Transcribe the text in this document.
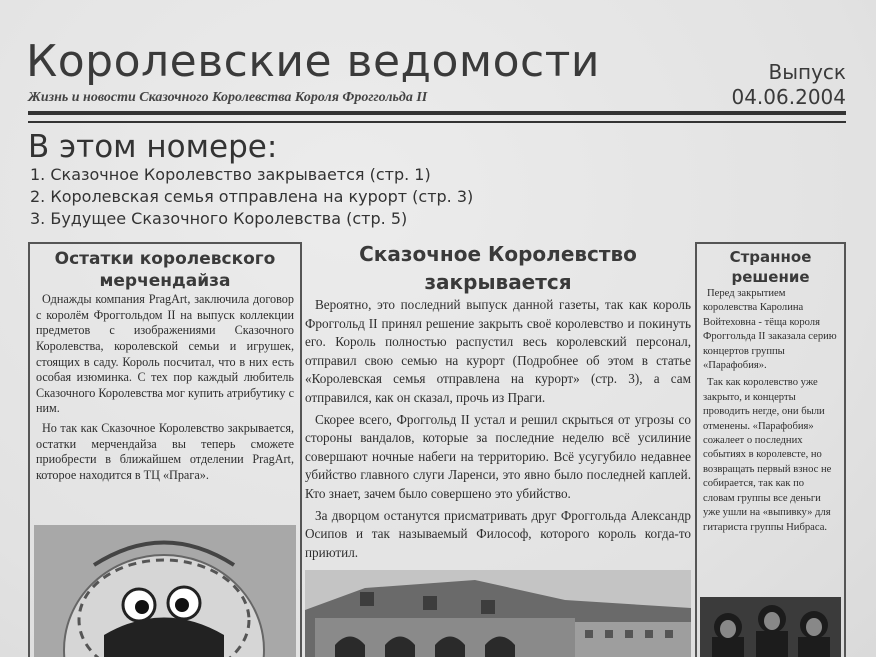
Королевские ведомости
Жизнь и новости Сказочного Королевства Короля Фроггольда II
Выпуск
04.06.2004
В этом номере:
1. Сказочное Королевство закрывается (стр. 1)
2. Королевская семья отправлена на курорт (стр. 3)
3. Будущее Сказочного Королевства (стр. 5)
Остатки королевского мерчендайза

Однажды компания PragArt, заключила договор с королём Фроггольдом II на выпуск коллекции предметов с изображениями Сказочного Королевства, королевской семьи и игрушек, стоящих в саду. Король посчитал, что в них есть особая изюминка. С тех пор каждый любитель Сказочного Королевства мог купить атрибутику с ним.

Но так как Сказочное Королевство закрывается, остатки мерчендайза вы теперь сможете приобрести в ближайшем отделении PragArt, которое находится в ТЦ «Прага».

Сказочное Королевство закрывается

Вероятно, это последний выпуск данной газеты, так как король Фроггольд II принял решение закрыть своё королевство и покинуть его. Король полностью распустил весь королевский персонал, отправил свою семью на курорт (Подробнее об этом в статье «Королевская семья отправлена на курорт» (стр. 3), а сам отправился, как он сказал, прочь из Праги.

Скорее всего, Фроггольд II устал и решил скрыться от угрозы со стороны вандалов, которые за последние неделю всё усилиние совершают ночные набеги на территорию. Всё усугубило недавнее убийство главного слуги Ларенси, это явно было последней каплей. Кто знает, зачем было совершено это убийство.

За дворцом останутся присматривать друг Фроггольда Александр Осипов и так называемый Философ, которого король когда-то приютил.

Странное решение

Перед закрытием королевства Каролина Войтеховна - тёща короля Фроггольда II заказала серию концертов группы «Парафобия».

Так как королевство уже закрыто, и концерты проводить негде, они были отменены. «Парафобия» сожалеет о последних событиях в королевсте, но возвращать первый взнос не собирается, так как по словам группы все деньги уже ушли на «выпивку» для гитариста группы Нибраса.
